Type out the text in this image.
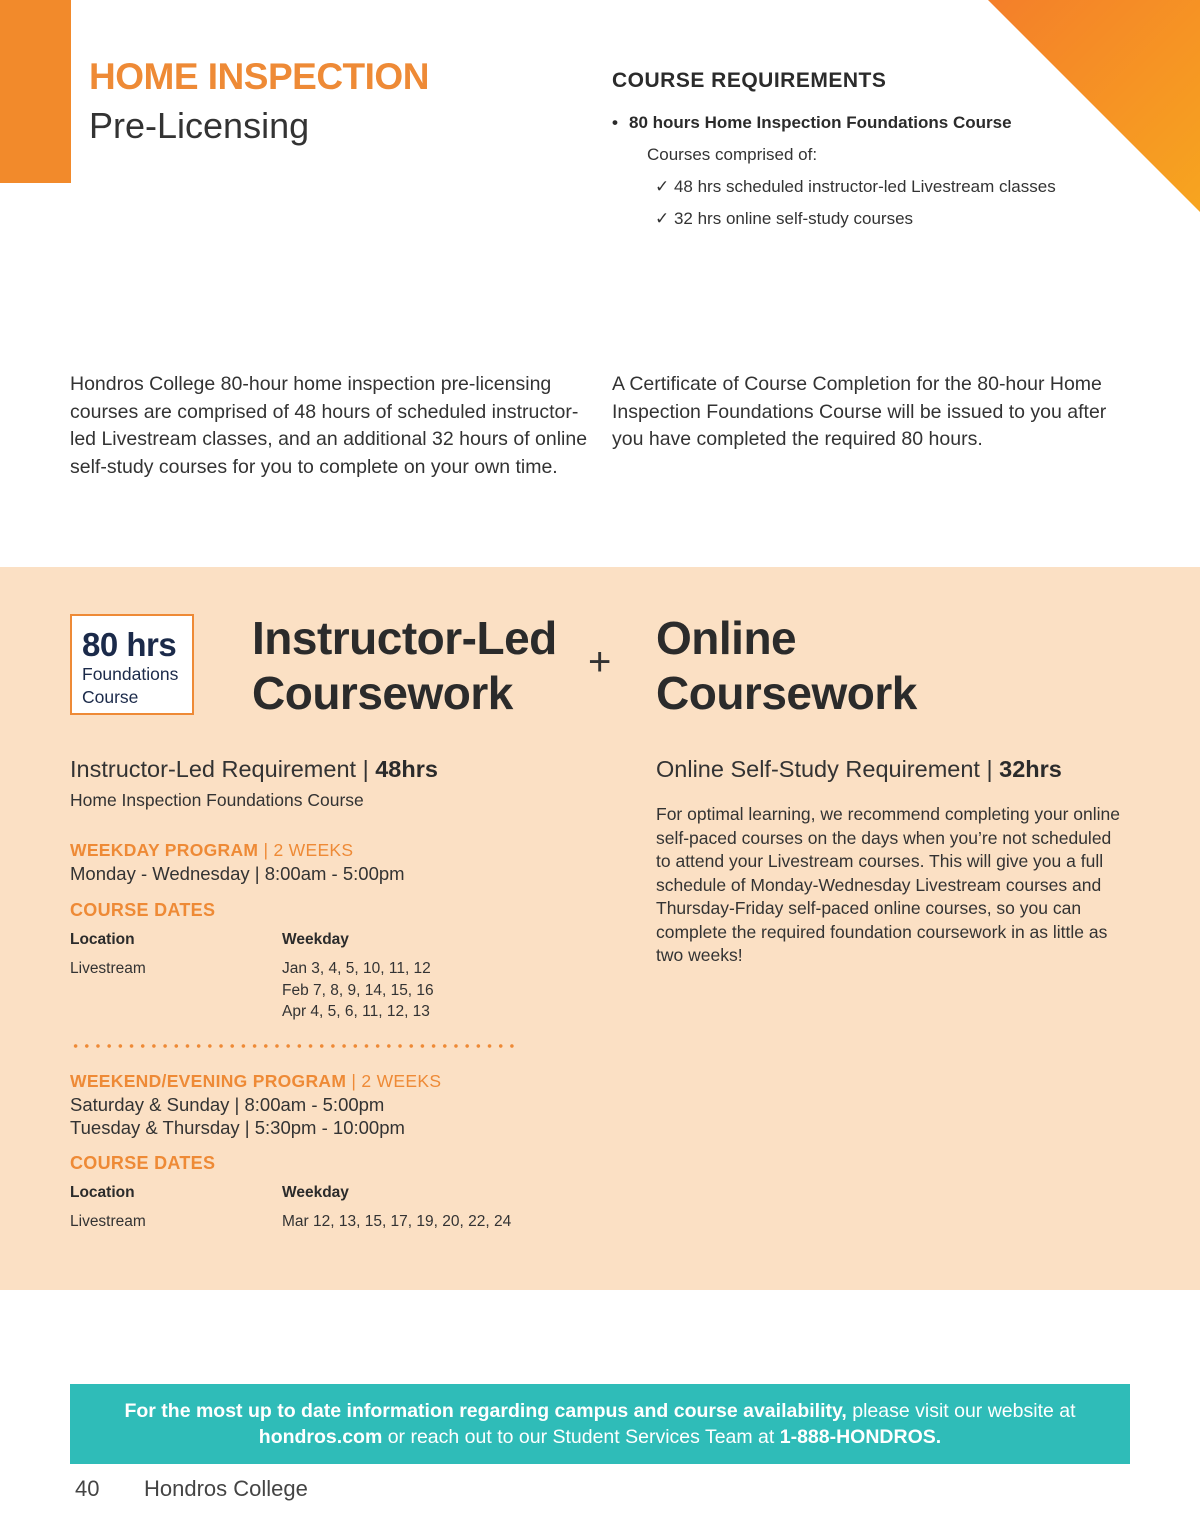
HOME INSPECTION
Pre-Licensing
COURSE REQUIREMENTS
• 80 hours Home Inspection Foundations Course
Courses comprised of:
✓ 48 hrs scheduled instructor-led Livestream classes
✓ 32 hrs online self-study courses
Hondros College 80-hour home inspection pre-licensing courses are comprised of 48 hours of scheduled instructor-led Livestream classes, and an additional 32 hours of online self-study courses for you to complete on your own time.
A Certificate of Course Completion for the 80-hour Home Inspection Foundations Course will be issued to you after you have completed the required 80 hours.
80 hrs
Foundations
Course
Instructor-Led
Coursework
+ Online
Coursework
Instructor-Led Requirement | 48hrs
Home Inspection Foundations Course
WEEKDAY PROGRAM | 2 WEEKS
Monday - Wednesday | 8:00am - 5:00pm
COURSE DATES
Location	Weekday
Livestream	Jan 3, 4, 5, 10, 11, 12
Feb 7, 8, 9, 14, 15, 16
Apr 4, 5, 6, 11, 12, 13
WEEKEND/EVENING PROGRAM | 2 WEEKS
Saturday & Sunday | 8:00am - 5:00pm
Tuesday & Thursday | 5:30pm - 10:00pm
COURSE DATES
Location	Weekday
Livestream	Mar 12, 13, 15, 17, 19, 20, 22, 24
Online Self-Study Requirement | 32hrs
For optimal learning, we recommend completing your online self-paced courses on the days when you’re not scheduled to attend your Livestream courses. This will give you a full schedule of Monday-Wednesday Livestream courses and Thursday-Friday self-paced online courses, so you can complete the required foundation coursework in as little as two weeks!
For the most up to date information regarding campus and course availability, please visit our website at hondros.com or reach out to our Student Services Team at 1-888-HONDROS.
40 Hondros College
